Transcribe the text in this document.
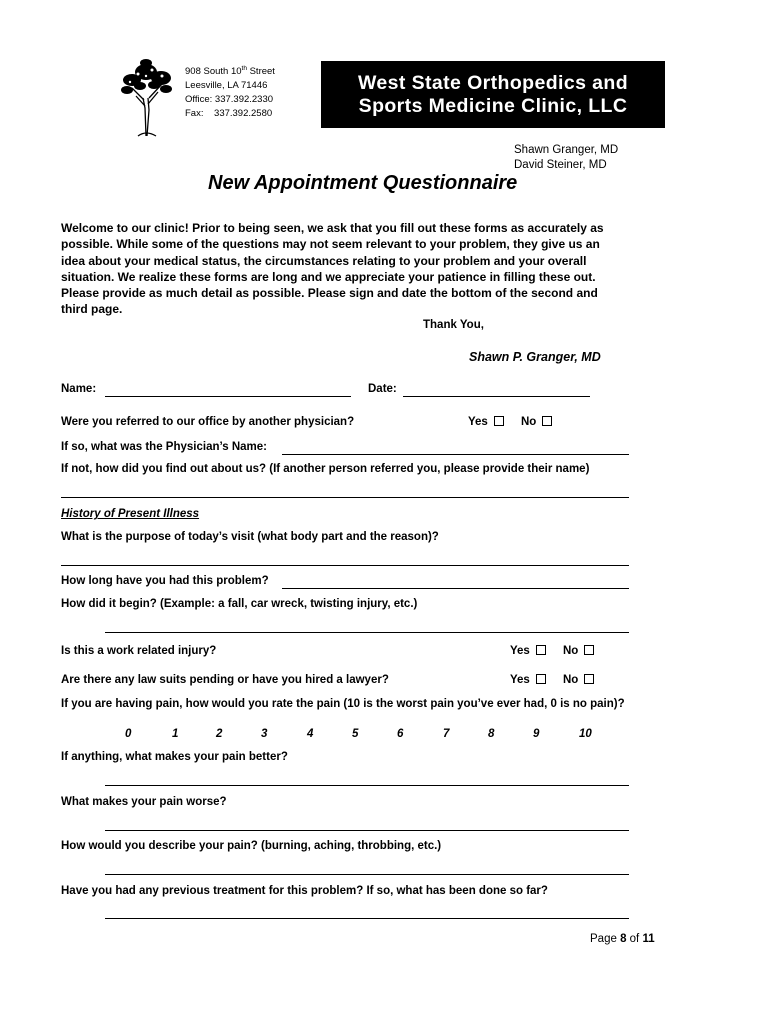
908 South 10th Street
Leesville, LA 71446
Office: 337.392.2330
Fax:    337.392.2580
West State Orthopedics and
Sports Medicine Clinic, LLC
Shawn Granger, MD
David Steiner, MD
New Appointment Questionnaire
Welcome to our clinic! Prior to being seen, we ask that you fill out these forms as accurately as
possible. While some of the questions may not seem relevant to your problem, they give us an
idea about your medical status, the circumstances relating to your problem and your overall
situation. We realize these forms are long and we appreciate your patience in filling these out.
Please provide as much detail as possible. Please sign and date the bottom of the second and
third page.
Thank You,
Shawn P. Granger, MD
Name:	Date:
Were you referred to our office by another physician?	Yes	No
If so, what was the Physician’s Name:
If not, how did you find out about us? (If another person referred you, please provide their name)
History of Present Illness
What is the purpose of today’s visit (what body part and the reason)?
How long have you had this problem?
How did it begin? (Example: a fall, car wreck, twisting injury, etc.)
Is this a work related injury?	Yes	No
Are there any law suits pending or have you hired a lawyer?	Yes	No
If you are having pain, how would you rate the pain (10 is the worst pain you’ve ever had, 0 is no pain)?
0	1	2	3	4	5	6	7	8	9	10
If anything, what makes your pain better?
What makes your pain worse?
How would you describe your pain? (burning, aching, throbbing, etc.)
Have you had any previous treatment for this problem? If so, what has been done so far?
Page 8 of 11
